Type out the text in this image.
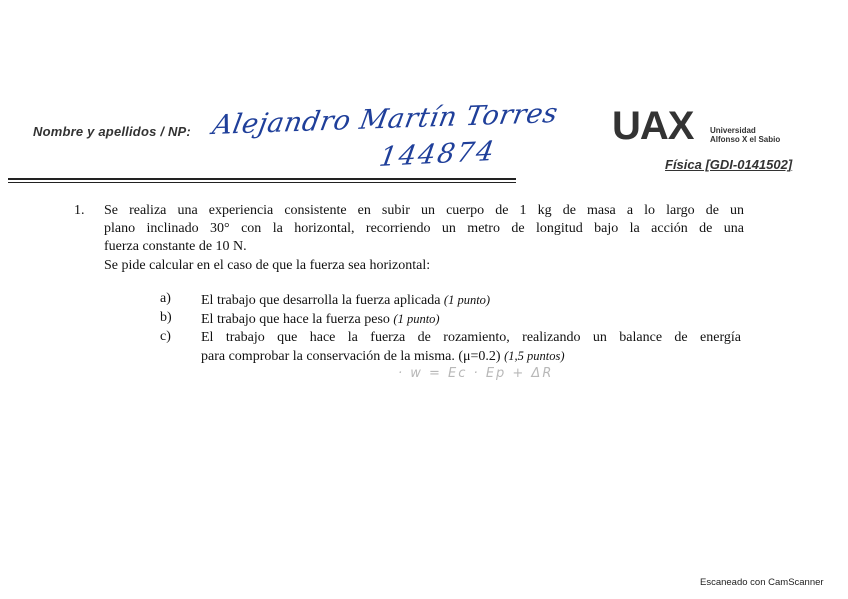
Nombre y apellidos / NP: Alejandro Martín Torres
144874
UAX Universidad
Alfonso X el Sabio
Física [GDI-0141502]
1. Se realiza una experiencia consistente en subir un cuerpo de 1 kg de masa a lo largo de un
plano inclinado 30° con la horizontal, recorriendo un metro de longitud bajo la acción de una
fuerza constante de 10 N.
Se pide calcular en el caso de que la fuerza sea horizontal:
a) El trabajo que desarrolla la fuerza aplicada (1 punto)
b) El trabajo que hace la fuerza peso (1 punto)
c) El trabajo que hace la fuerza de rozamiento, realizando un balance de energía
para comprobar la conservación de la misma. (μ=0.2) (1,5 puntos)
· w = Ec · Ep + ΔR
Escaneado con CamScanner
